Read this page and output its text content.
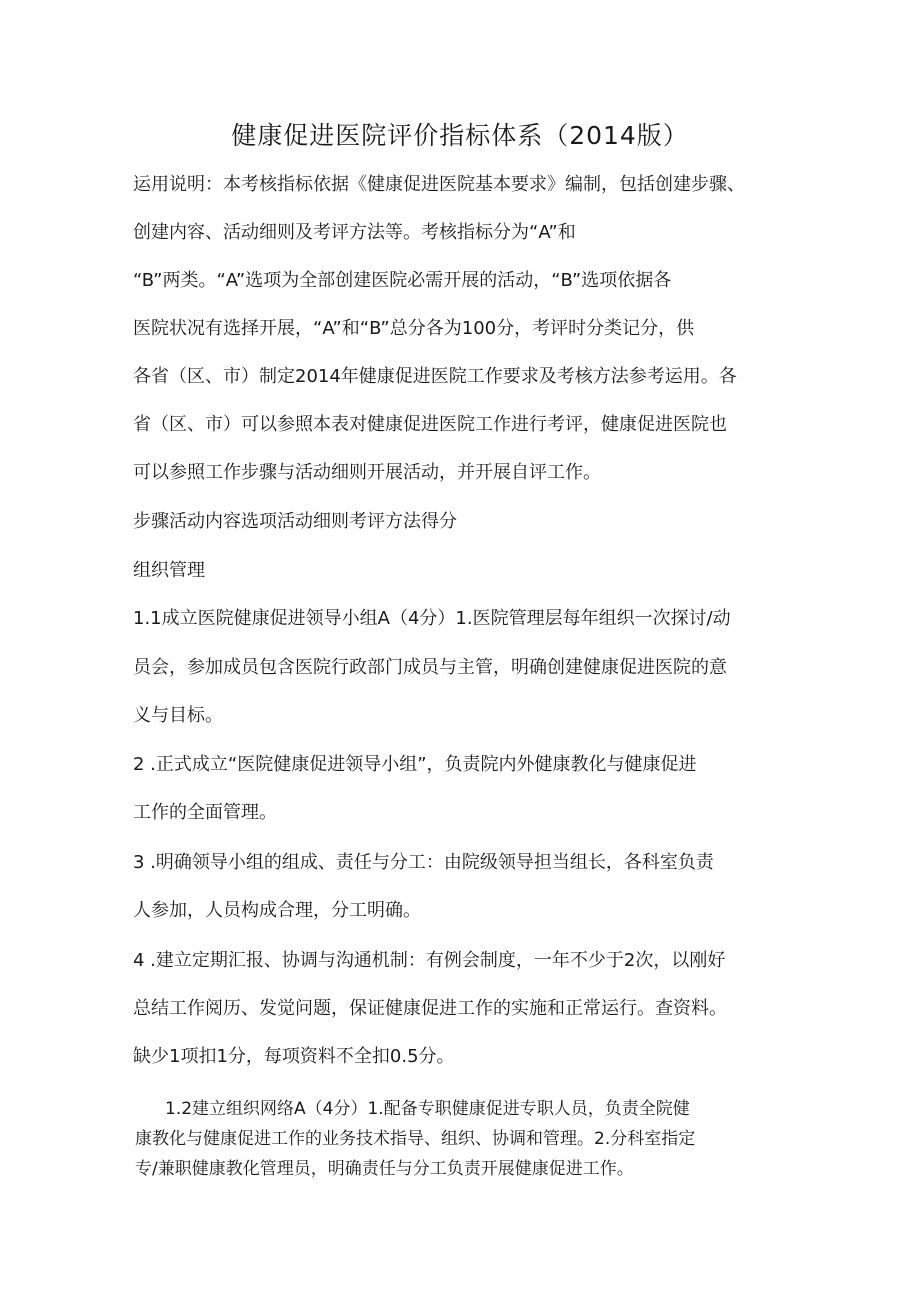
健康促进医院评价指标体系（2014版）
运用说明：本考核指标依据《健康促进医院基本要求》编制，包括创建步骤、
创建内容、活动细则及考评方法等。考核指标分为“A”和
“B”两类。“A”选项为全部创建医院必需开展的活动，“B”选项依据各
医院状况有选择开展，“A”和“B”总分各为100分，考评时分类记分，供
各省（区、市）制定2014年健康促进医院工作要求及考核方法参考运用。各
省（区、市）可以参照本表对健康促进医院工作进行考评，健康促进医院也
可以参照工作步骤与活动细则开展活动，并开展自评工作。
步骤活动内容选项活动细则考评方法得分
组织管理
1.1成立医院健康促进领导小组A（4分）1.医院管理层每年组织一次探讨/动
员会，参加成员包含医院行政部门成员与主管，明确创建健康促进医院的意
义与目标。
2 .正式成立“医院健康促进领导小组”，负责院内外健康教化与健康促进
工作的全面管理。
3 .明确领导小组的组成、责任与分工：由院级领导担当组长，各科室负责
人参加，人员构成合理，分工明确。
4 .建立定期汇报、协调与沟通机制：有例会制度，一年不少于2次，以刚好
总结工作阅历、发觉问题，保证健康促进工作的实施和正常运行。查资料。
缺少1项扣1分，每项资料不全扣0.5分。
1.2建立组织网络A（4分）1.配备专职健康促进专职人员，负责全院健
康教化与健康促进工作的业务技术指导、组织、协调和管理。2.分科室指定
专/兼职健康教化管理员，明确责任与分工负责开展健康促进工作。
